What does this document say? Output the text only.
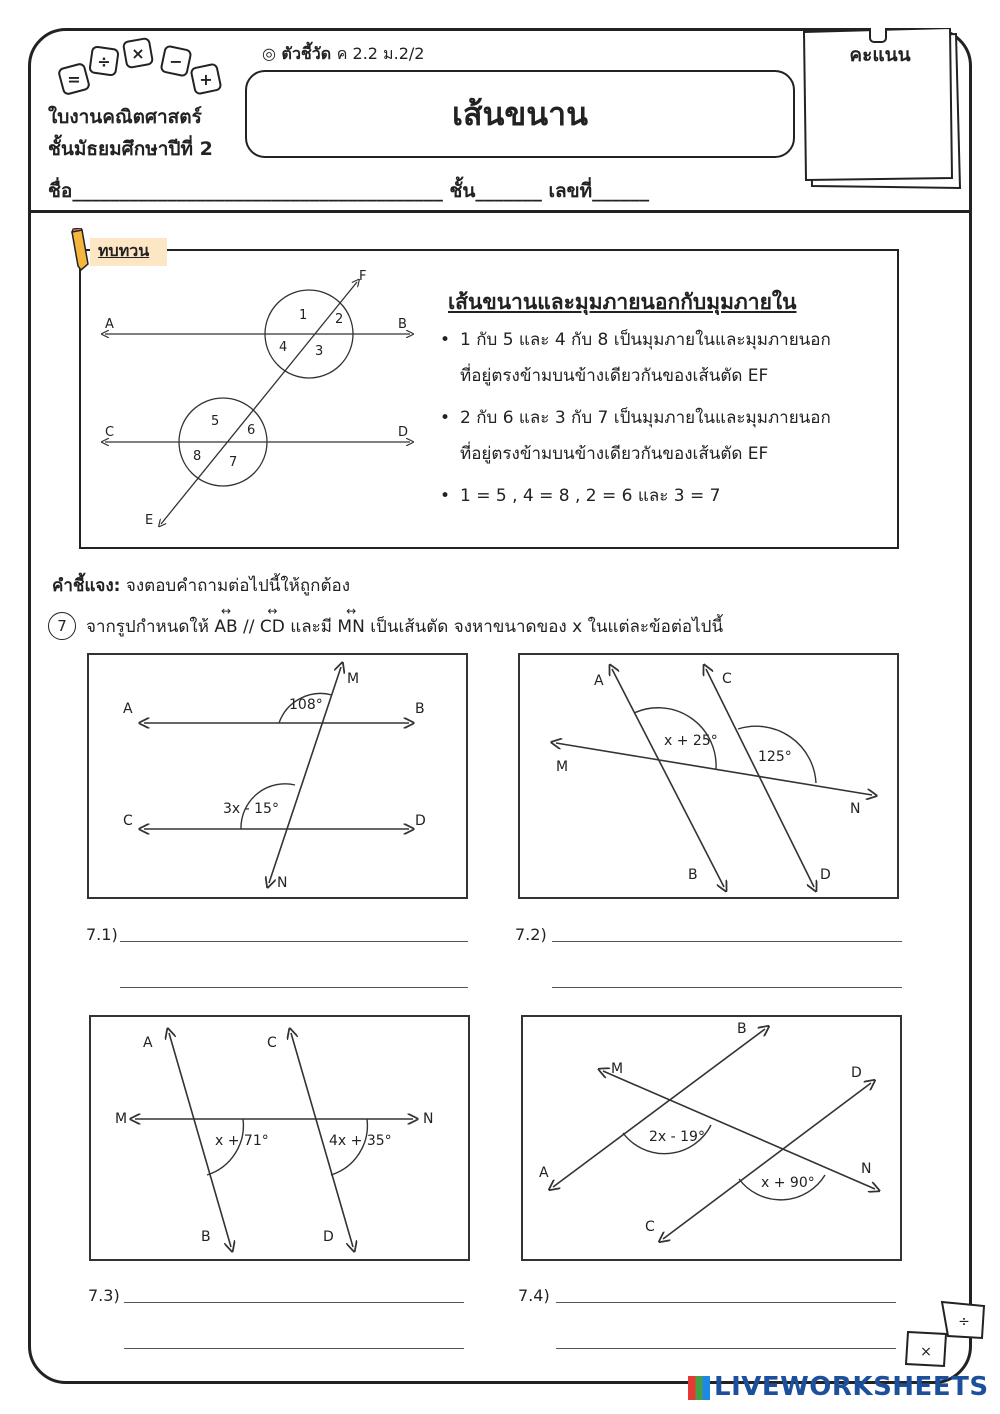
=
÷ × −
+
◎ ตัวชี้วัด ค 2.2 ม.2/2
ใบงานคณิตศาสตร์
ชั้นมัธยมศึกษาปีที่ 2
เส้นขนาน
ชื่อ_______________________________________ ชั้น_______ เลขที่______
คะแนน
ทบทวน
A	B
C	D
E
F
1 2
3
4
5
6
7
8
เส้นขนานและมุมภายนอกกับมุมภายใน
• 1 กับ 5 และ 4 กับ 8 เป็นมุมภายในและมุมภายนอก
ที่อยู่ตรงข้ามบนข้างเดียวกันของเส้นตัด EF
• 2 กับ 6 และ 3 กับ 7 เป็นมุมภายในและมุมภายนอก
ที่อยู่ตรงข้ามบนข้างเดียวกันของเส้นตัด EF
• 1 = 5 , 4 = 8 , 2 = 6 และ 3 = 7
คำชี้แจง: จงตอบคำถามต่อไปนี้ให้ถูกต้อง
7	จากรูปกำหนดให้ ↔ AB // ↔ CD และมี ↔ MN เป็นเส้นตัด จงหาขนาดของ x ในแต่ละข้อต่อไปนี้
A	B
C	D
M
N
108°
3x - 15°
7.1)
A
B
C
D
M
N
x + 25°
125°
7.2)
A
B
C
D
M	N
x + 71°	4x + 35°
7.3)
A
B
C
D
M
N
2x - 19°
x + 90°
7.4)
÷
×
LIVEWORKSHEETS
